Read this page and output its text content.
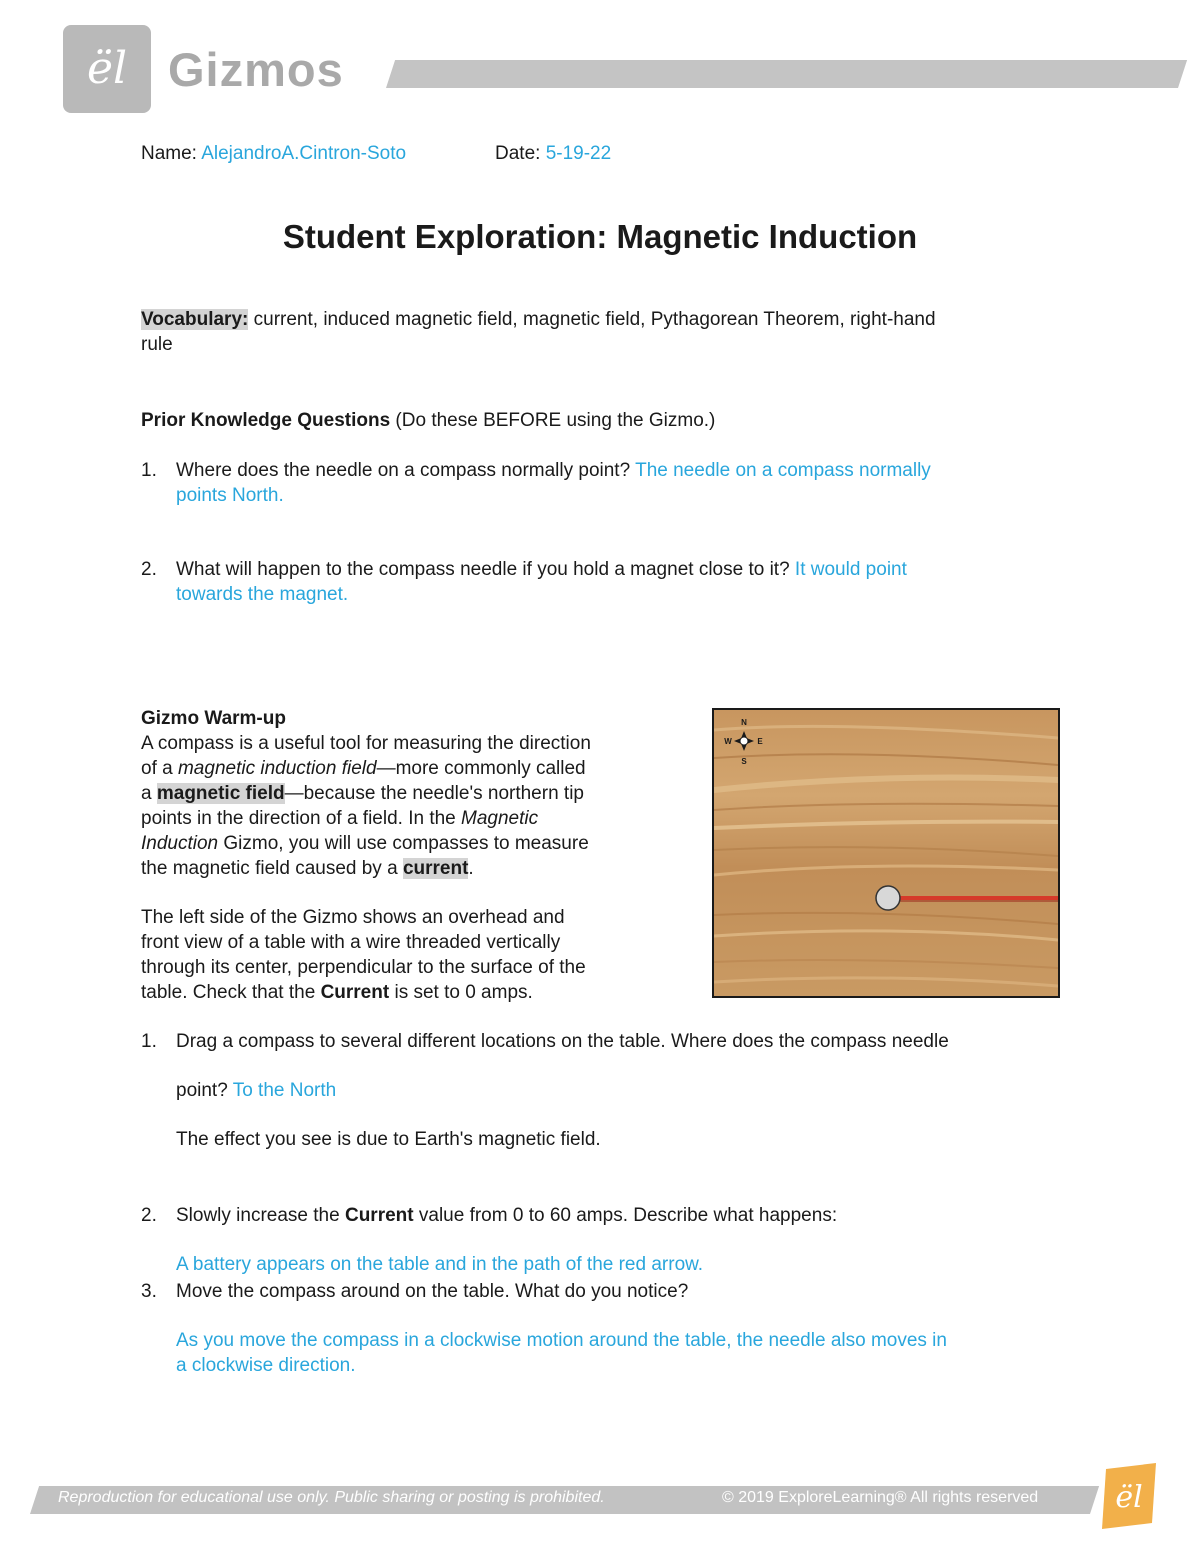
ël Gizmos
Name: AlejandroA.Cintron-Soto	Date: 5-19-22
Student Exploration: Magnetic Induction
Vocabulary: current, induced magnetic field, magnetic field, Pythagorean Theorem, right-hand
rule
Prior Knowledge Questions (Do these BEFORE using the Gizmo.)
1. Where does the needle on a compass normally point? The needle on a compass normally
points North.
2. What will happen to the compass needle if you hold a magnet close to it? It would point
towards the magnet.
Gizmo Warm-up
A compass is a useful tool for measuring the direction
of a magnetic induction field—more commonly called
a magnetic field—because the needle's northern tip
points in the direction of a field. In the Magnetic
Induction Gizmo, you will use compasses to measure
the magnetic field caused by a current.
The left side of the Gizmo shows an overhead and
front view of a table with a wire threaded vertically
through its center, perpendicular to the surface of the
table. Check that the Current is set to 0 amps.
N
S
E
W
1. Drag a compass to several different locations on the table. Where does the compass needle
point? To the North
The effect you see is due to Earth's magnetic field.
2. Slowly increase the Current value from 0 to 60 amps. Describe what happens:
A battery appears on the table and in the path of the red arrow.
3. Move the compass around on the table. What do you notice?
As you move the compass in a clockwise motion around the table, the needle also moves in
a clockwise direction.
Reproduction for educational use only. Public sharing or posting is prohibited.	© 2019 ExploreLearning® All rights reserved	ël
